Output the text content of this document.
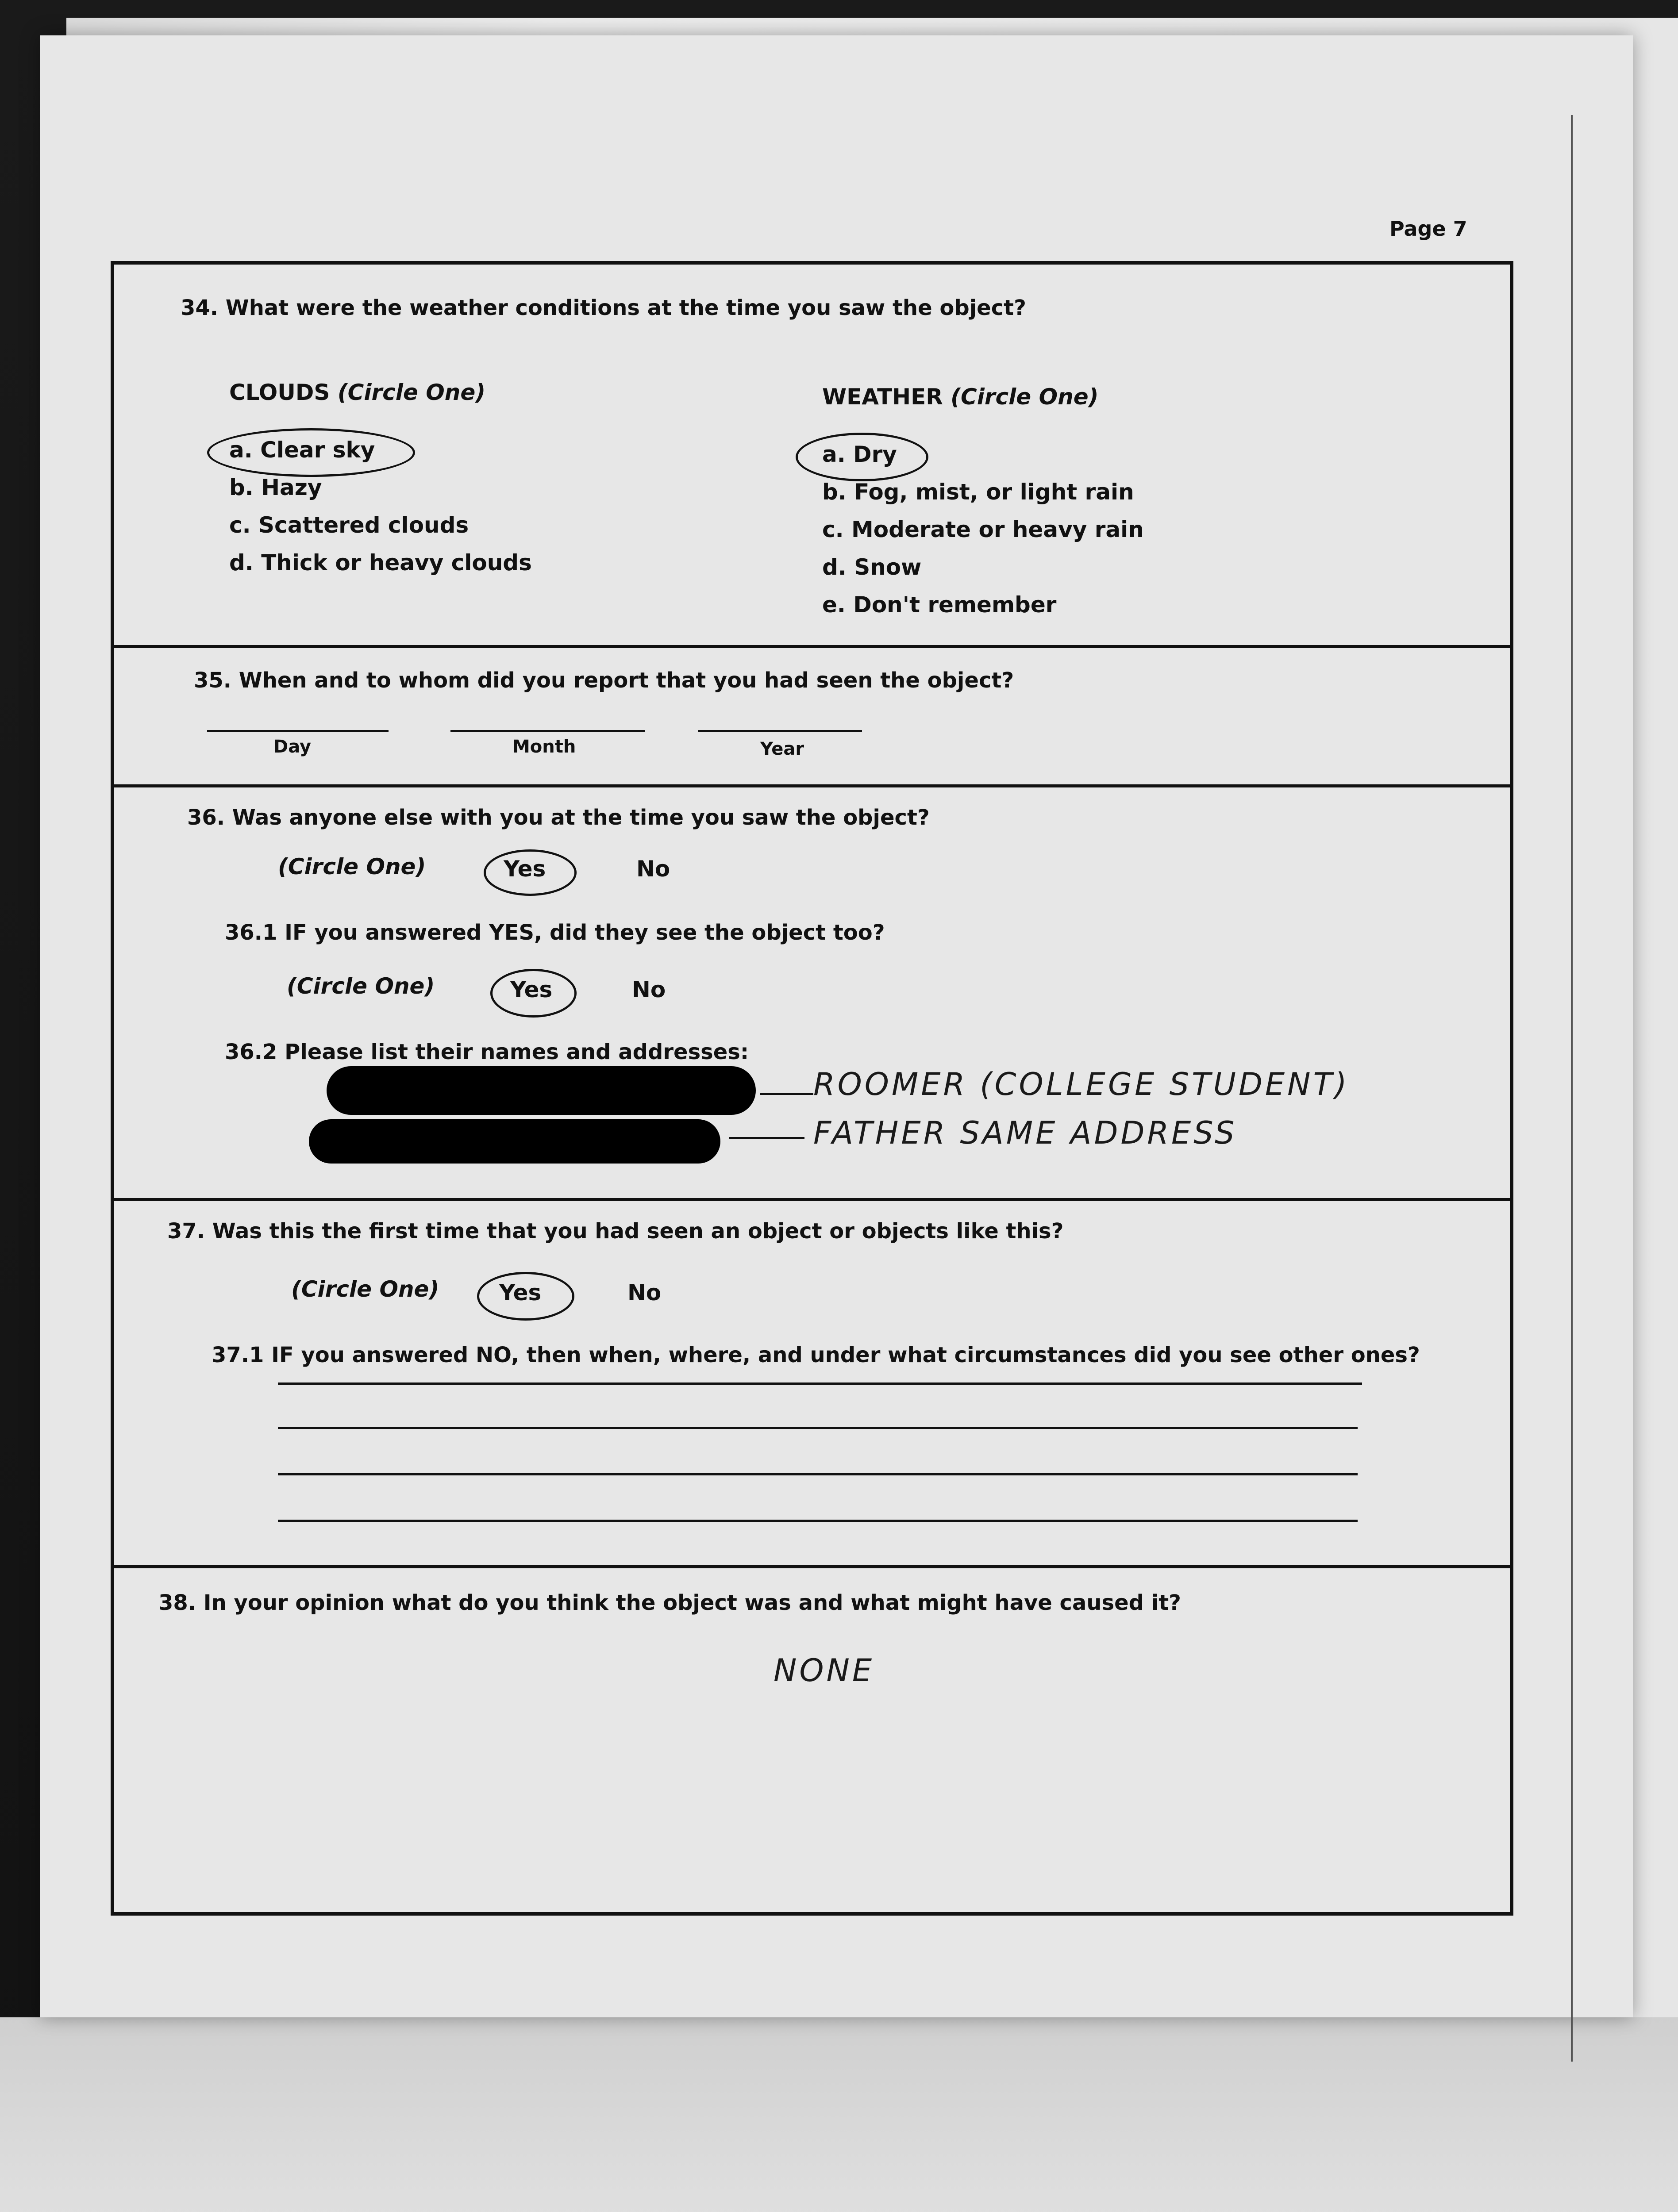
Page 7
34. What were the weather conditions at the time you saw the object?
CLOUDS (Circle One)
a. Clear sky
b. Hazy
c. Scattered clouds
d. Thick or heavy clouds
WEATHER (Circle One)
a. Dry
b. Fog, mist, or light rain
c. Moderate or heavy rain
d. Snow
e. Don't remember
35. When and to whom did you report that you had seen the object?
Day	Month	Year
36. Was anyone else with you at the time you saw the object?
(Circle One)	Yes	No
36.1 IF you answered YES, did they see the object too?
(Circle One)	Yes	No
36.2 Please list their names and addresses:
ROOMER (COLLEGE STUDENT)
FATHER SAME ADDRESS
37. Was this the first time that you had seen an object or objects like this?
(Circle One)	Yes	No
37.1 IF you answered NO, then when, where, and under what circumstances did you see other ones?
38. In your opinion what do you think the object was and what might have caused it?
NONE
